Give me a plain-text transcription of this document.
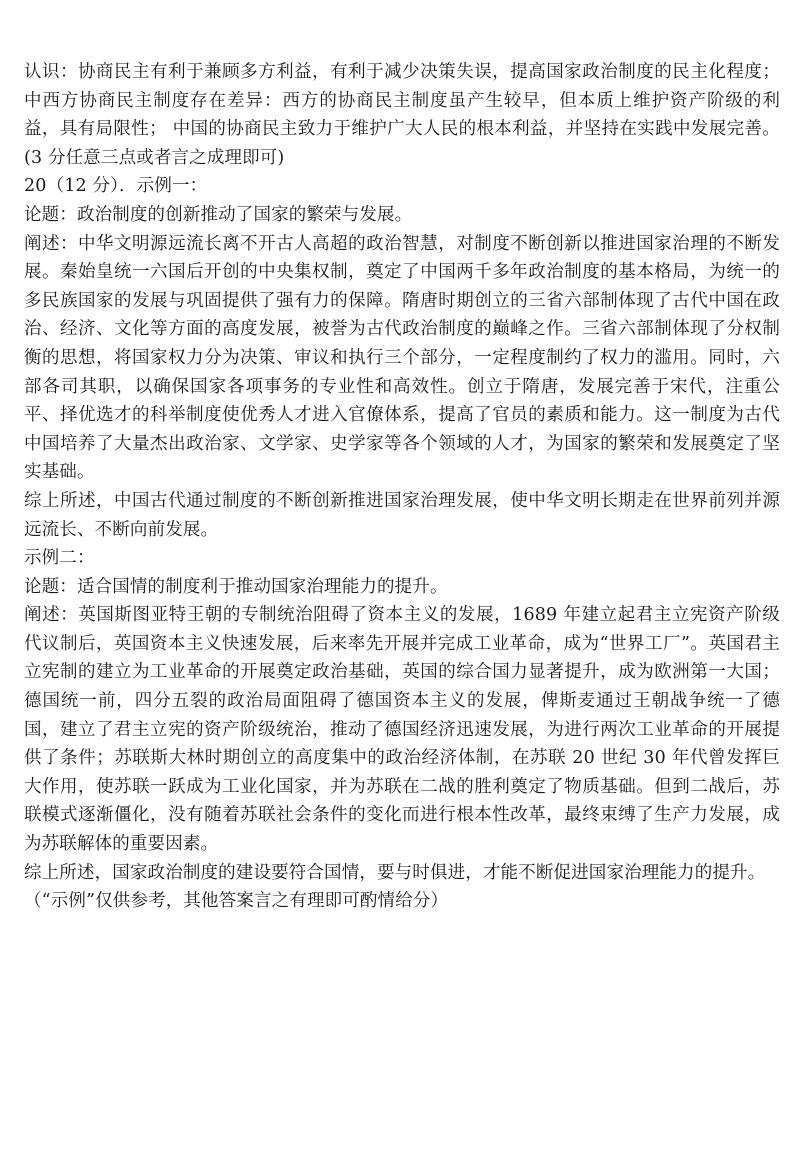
认识：协商民主有利于兼顾多方利益，有利于减少决策失误，提高国家政治制度的民主化程度；中西方协商民主制度存在差异：西方的协商民主制度虽产生较早，但本质上维护资产阶级的利益，具有局限性； 中国的协商民主致力于维护广大人民的根本利益，并坚持在实践中发展完善。(3 分任意三点或者言之成理即可)

20（12 分）．示例一：

论题：政治制度的创新推动了国家的繁荣与发展。

阐述：中华文明源远流长离不开古人高超的政治智慧，对制度不断创新以推进国家治理的不断发展。秦始皇统一六国后开创的中央集权制，奠定了中国两千多年政治制度的基本格局，为统一的多民族国家的发展与巩固提供了强有力的保障。隋唐时期创立的三省六部制体现了古代中国在政治、经济、文化等方面的高度发展，被誉为古代政治制度的巅峰之作。三省六部制体现了分权制衡的思想，将国家权力分为决策、审议和执行三个部分，一定程度制约了权力的滥用。同时，六部各司其职，以确保国家各项事务的专业性和高效性。创立于隋唐，发展完善于宋代，注重公平、择优选才的科举制度使优秀人才进入官僚体系，提高了官员的素质和能力。这一制度为古代中国培养了大量杰出政治家、文学家、史学家等各个领域的人才，为国家的繁荣和发展奠定了坚实基础。

综上所述，中国古代通过制度的不断创新推进国家治理发展，使中华文明长期走在世界前列并源远流长、不断向前发展。

示例二：

论题：适合国情的制度利于推动国家治理能力的提升。

阐述：英国斯图亚特王朝的专制统治阻碍了资本主义的发展，1689 年建立起君主立宪资产阶级代议制后，英国资本主义快速发展，后来率先开展并完成工业革命，成为“世界工厂”。英国君主立宪制的建立为工业革命的开展奠定政治基础，英国的综合国力显著提升，成为欧洲第一大国；德国统一前，四分五裂的政治局面阻碍了德国资本主义的发展，俾斯麦通过王朝战争统一了德国，建立了君主立宪的资产阶级统治，推动了德国经济迅速发展，为进行两次工业革命的开展提供了条件；苏联斯大林时期创立的高度集中的政治经济体制，在苏联 20 世纪 30 年代曾发挥巨大作用，使苏联一跃成为工业化国家，并为苏联在二战的胜利奠定了物质基础。但到二战后，苏联模式逐渐僵化，没有随着苏联社会条件的变化而进行根本性改革，最终束缚了生产力发展，成为苏联解体的重要因素。

综上所述，国家政治制度的建设要符合国情，要与时俱进，才能不断促进国家治理能力的提升。

（“示例”仅供参考，其他答案言之有理即可酌情给分）
